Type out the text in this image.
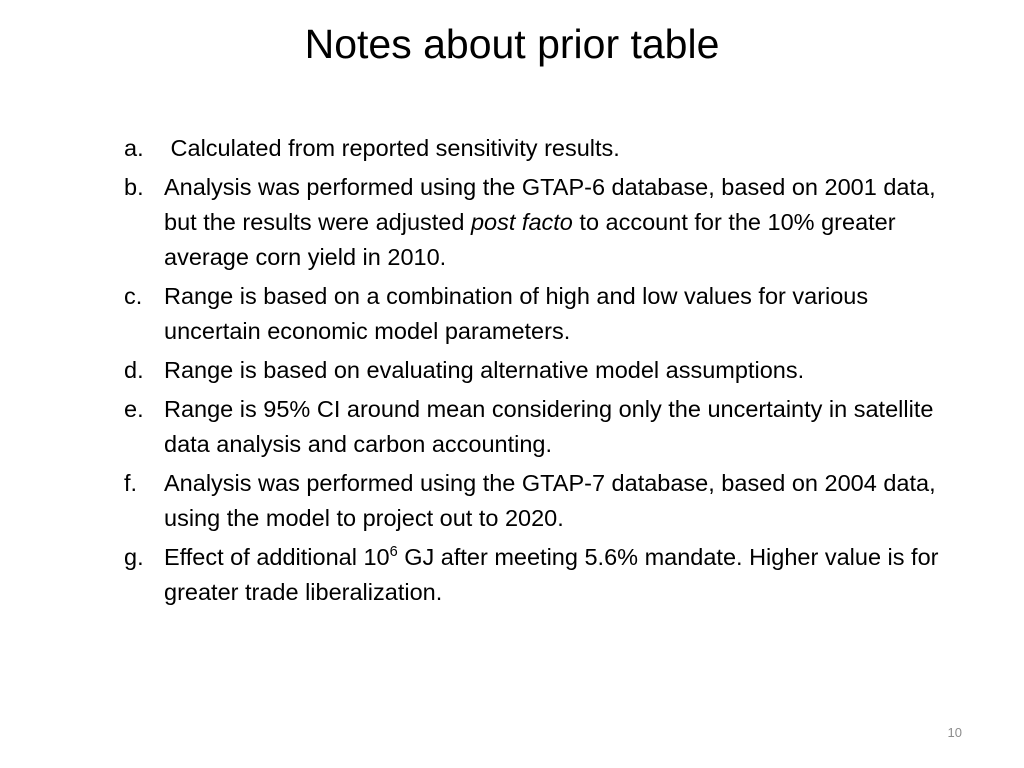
Notes about prior table
a. Calculated from reported sensitivity results.
b. Analysis was performed using the GTAP-6 database, based on 2001 data, but the results were adjusted post facto to account for the 10% greater average corn yield in 2010.
c. Range is based on a combination of high and low values for various uncertain economic model parameters.
d. Range is based on evaluating alternative model assumptions.
e. Range is 95% CI around mean considering only the uncertainty in satellite data analysis and carbon accounting.
f.	Analysis was performed using the GTAP-7 database, based on 2004 data, using the model to project out to 2020.
g. Effect of additional $10^6$ GJ after meeting 5.6% mandate. Higher value is for greater trade liberalization.
10
